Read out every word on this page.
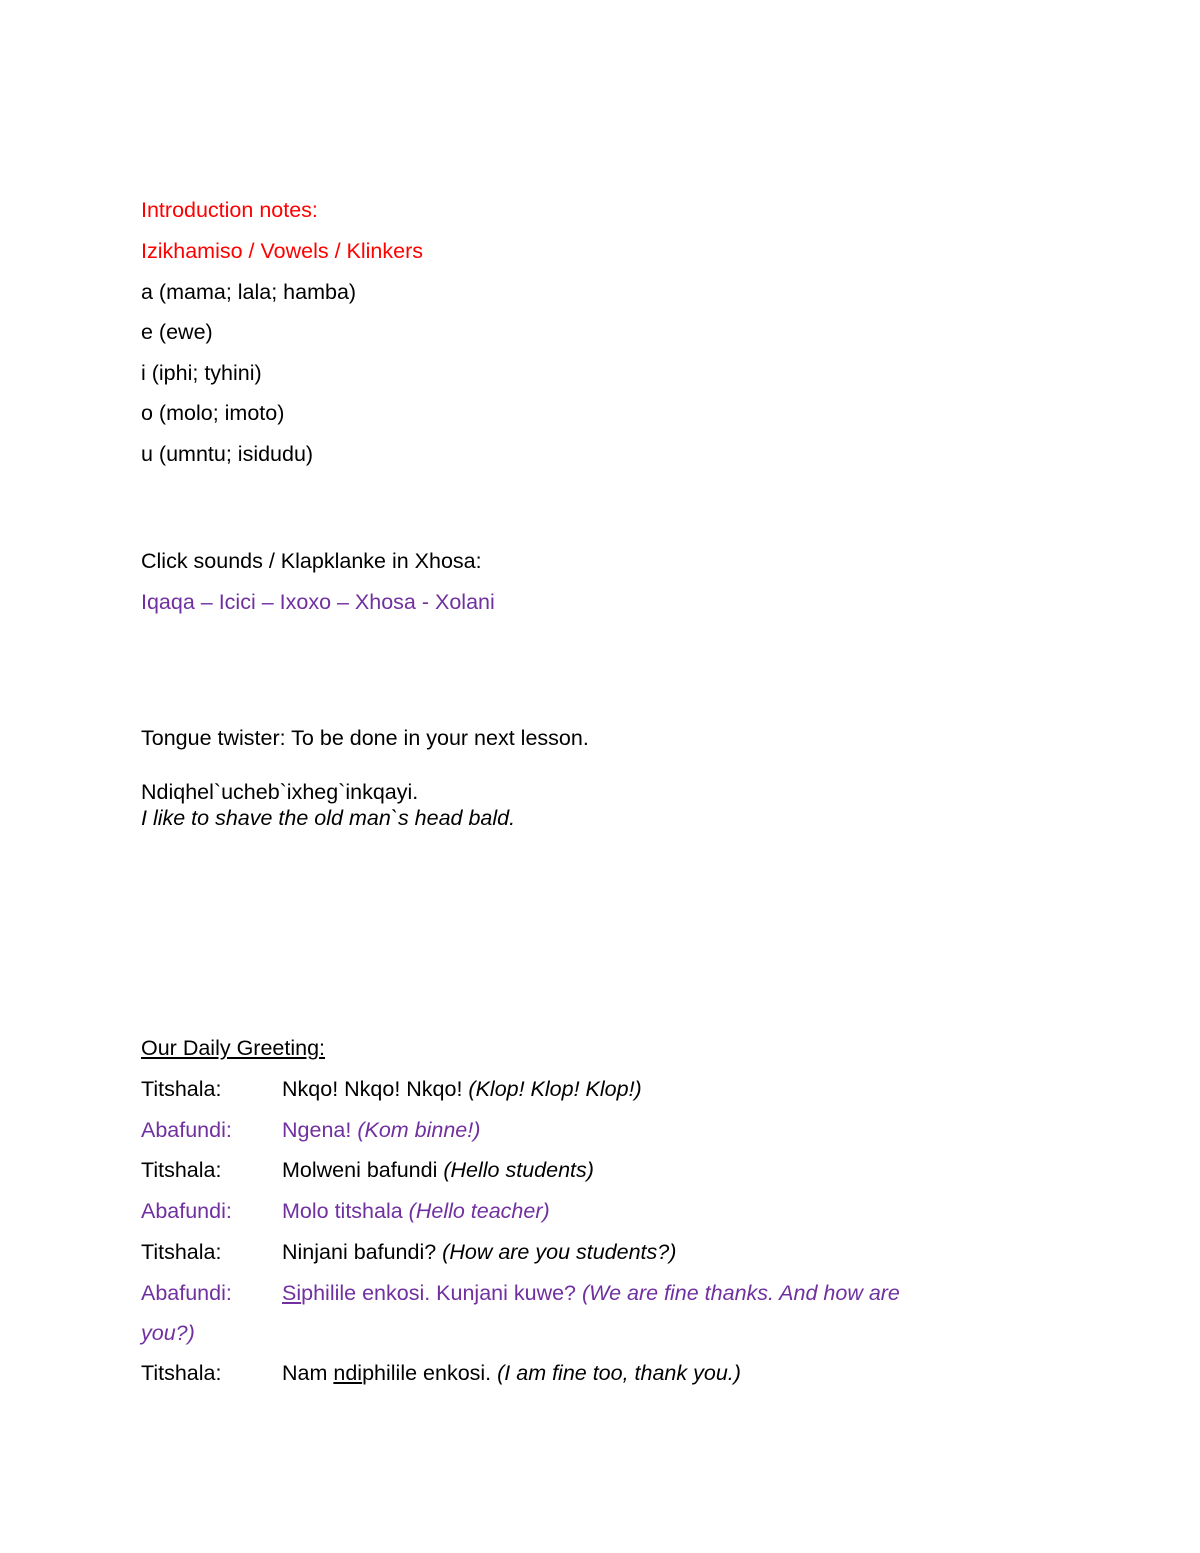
Introduction notes:
Izikhamiso / Vowels / Klinkers
a (mama; lala; hamba)
e (ewe)
i (iphi; tyhini)
o (molo; imoto)
u (umntu; isidudu)
Click sounds / Klapklanke in Xhosa:
Iqaqa – Icici – Ixoxo – Xhosa - Xolani
Tongue twister: To be done in your next lesson.
Ndiqhel`ucheb`ixheg`inkqayi.
I like to shave the old man`s head bald.
Our Daily Greeting:
Titshala:	Nkqo! Nkqo! Nkqo! (Klop! Klop! Klop!)
Abafundi: Ngena! (Kom binne!)
Titshala:	Molweni bafundi (Hello students)
Abafundi: Molo titshala (Hello teacher)
Titshala:	Ninjani bafundi? (How are you students?)
Abafundi: Siphilile enkosi. Kunjani kuwe? (We are fine thanks. And how are
you?)
Titshala:	Nam ndiphilile enkosi. (I am fine too, thank you.)
